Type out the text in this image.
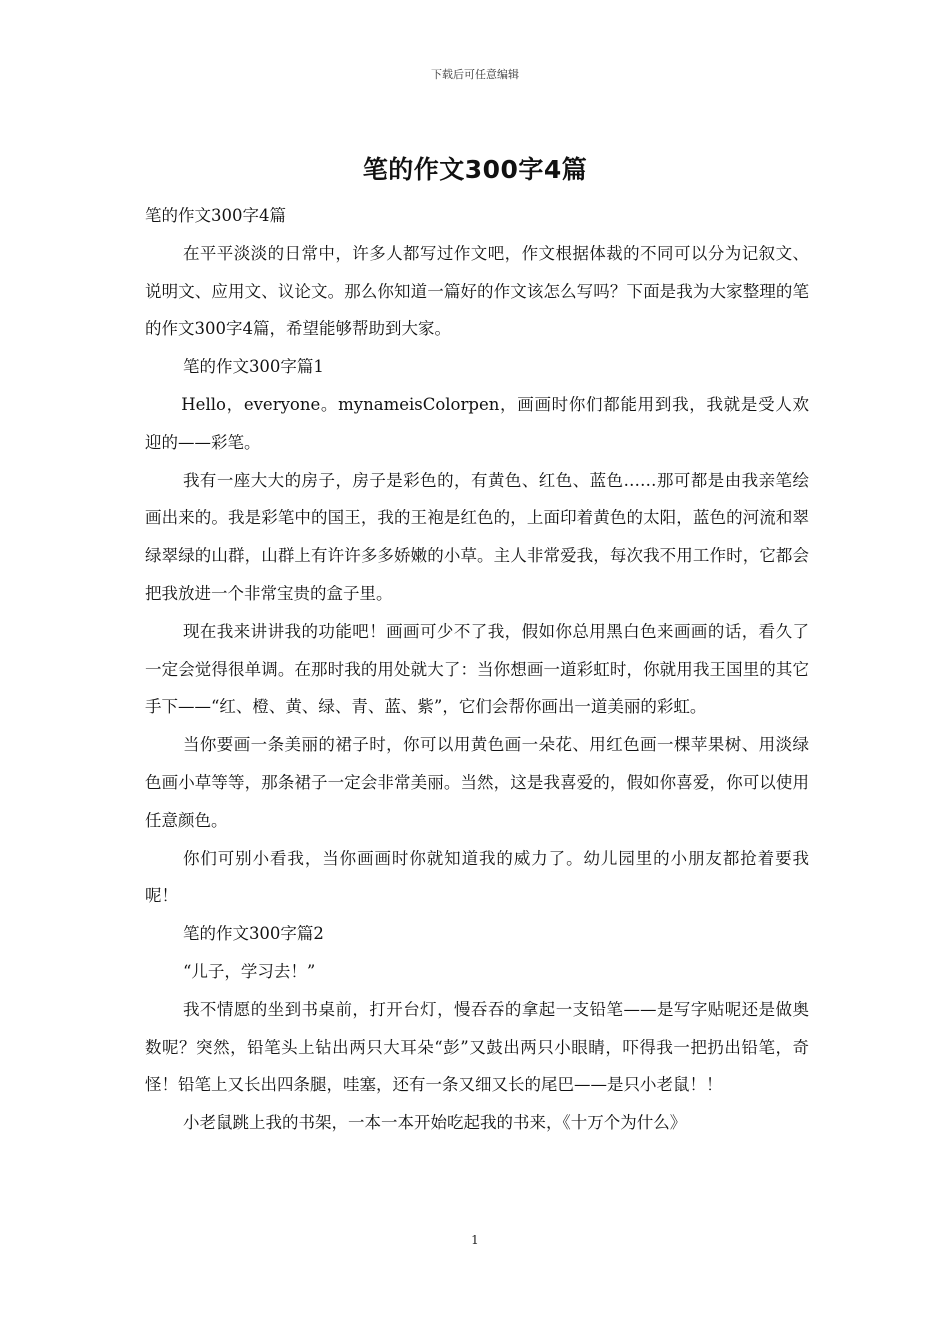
下载后可任意编辑
笔的作文300字4篇

笔的作文300字4篇

在平平淡淡的日常中，许多人都写过作文吧，作文根据体裁的不同可以分为记叙文、说明文、应用文、议论文。那么你知道一篇好的作文该怎么写吗？下面是我为大家整理的笔的作文300字4篇，希望能够帮助到大家。

笔的作文300字篇1

Hello，everyone。mynameisColorpen，画画时你们都能用到我，我就是受人欢迎的——彩笔。

我有一座大大的房子，房子是彩色的，有黄色、红色、蓝色……那可都是由我亲笔绘画出来的。我是彩笔中的国王，我的王袍是红色的，上面印着黄色的太阳，蓝色的河流和翠绿翠绿的山群，山群上有许许多多娇嫩的小草。主人非常爱我，每次我不用工作时，它都会把我放进一个非常宝贵的盒子里。

现在我来讲讲我的功能吧！画画可少不了我，假如你总用黑白色来画画的话，看久了一定会觉得很单调。在那时我的用处就大了：当你想画一道彩虹时，你就用我王国里的其它手下——“红、橙、黄、绿、青、蓝、紫”，它们会帮你画出一道美丽的彩虹。

当你要画一条美丽的裙子时，你可以用黄色画一朵花、用红色画一棵苹果树、用淡绿色画小草等等，那条裙子一定会非常美丽。当然，这是我喜爱的，假如你喜爱，你可以使用任意颜色。

你们可别小看我，当你画画时你就知道我的威力了。幼儿园里的小朋友都抢着要我呢！

笔的作文300字篇2

“儿子，学习去！”

我不情愿的坐到书桌前，打开台灯，慢吞吞的拿起一支铅笔——是写字贴呢还是做奥数呢？突然，铅笔头上钻出两只大耳朵“彭”又鼓出两只小眼睛，吓得我一把扔出铅笔，奇怪！铅笔上又长出四条腿，哇塞，还有一条又细又长的尾巴——是只小老鼠！！

小老鼠跳上我的书架，一本一本开始吃起我的书来，《十万个为什么》

1
